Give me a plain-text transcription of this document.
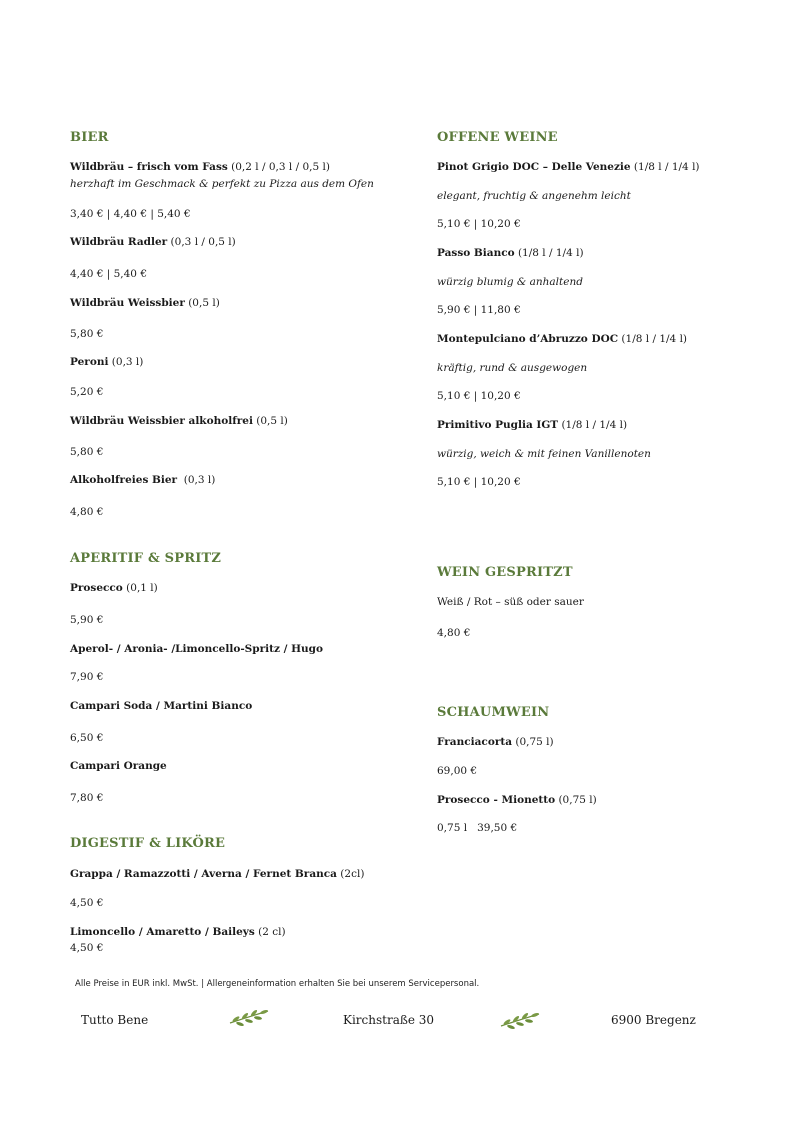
BIER
Wildbräu – frisch vom Fass (0,2 l / 0,3 l / 0,5 l)
herzhaft im Geschmack & perfekt zu Pizza aus dem Ofen
3,40 € | 4,40 € | 5,40 €
Wildbräu Radler (0,3 l / 0,5 l)
4,40 € | 5,40 €
Wildbräu Weissbier (0,5 l)
5,80 €
Peroni (0,3 l)
5,20 €
Wildbräu Weissbier alkoholfrei (0,5 l)
5,80 €
Alkoholfreies Bier  (0,3 l)
4,80 €
APERITIF & SPRITZ
Prosecco (0,1 l)
5,90 €
Aperol- / Aronia- /Limoncello-Spritz / Hugo
7,90 €
Campari Soda / Martini Bianco
6,50 €
Campari Orange
7,80 €
DIGESTIF & LIKÖRE
Grappa / Ramazzotti / Averna / Fernet Branca (2cl)
4,50 €
Limoncello / Amaretto / Baileys (2 cl)
4,50 €
OFFENE WEINE
Pinot Grigio DOC – Delle Venezie (1/8 l / 1/4 l)
elegant, fruchtig & angenehm leicht
5,10 € | 10,20 €
Passo Bianco (1/8 l / 1/4 l)
würzig blumig & anhaltend
5,90 € | 11,80 €
Montepulciano d’Abruzzo DOC (1/8 l / 1/4 l)
kräftig, rund & ausgewogen
5,10 € | 10,20 €
Primitivo Puglia IGT (1/8 l / 1/4 l)
würzig, weich & mit feinen Vanillenoten
5,10 € | 10,20 €
WEIN GESPRITZT
Weiß / Rot – süß oder sauer
4,80 €
SCHAUMWEIN
Franciacorta (0,75 l)
69,00 €
Prosecco - Mionetto (0,75 l)
0,75 l   39,50 €
Alle Preise in EUR inkl. MwSt. | Allergeneinformation erhalten Sie bei unserem Servicepersonal.
Tutto Bene	Kirchstraße 30	6900 Bregenz
